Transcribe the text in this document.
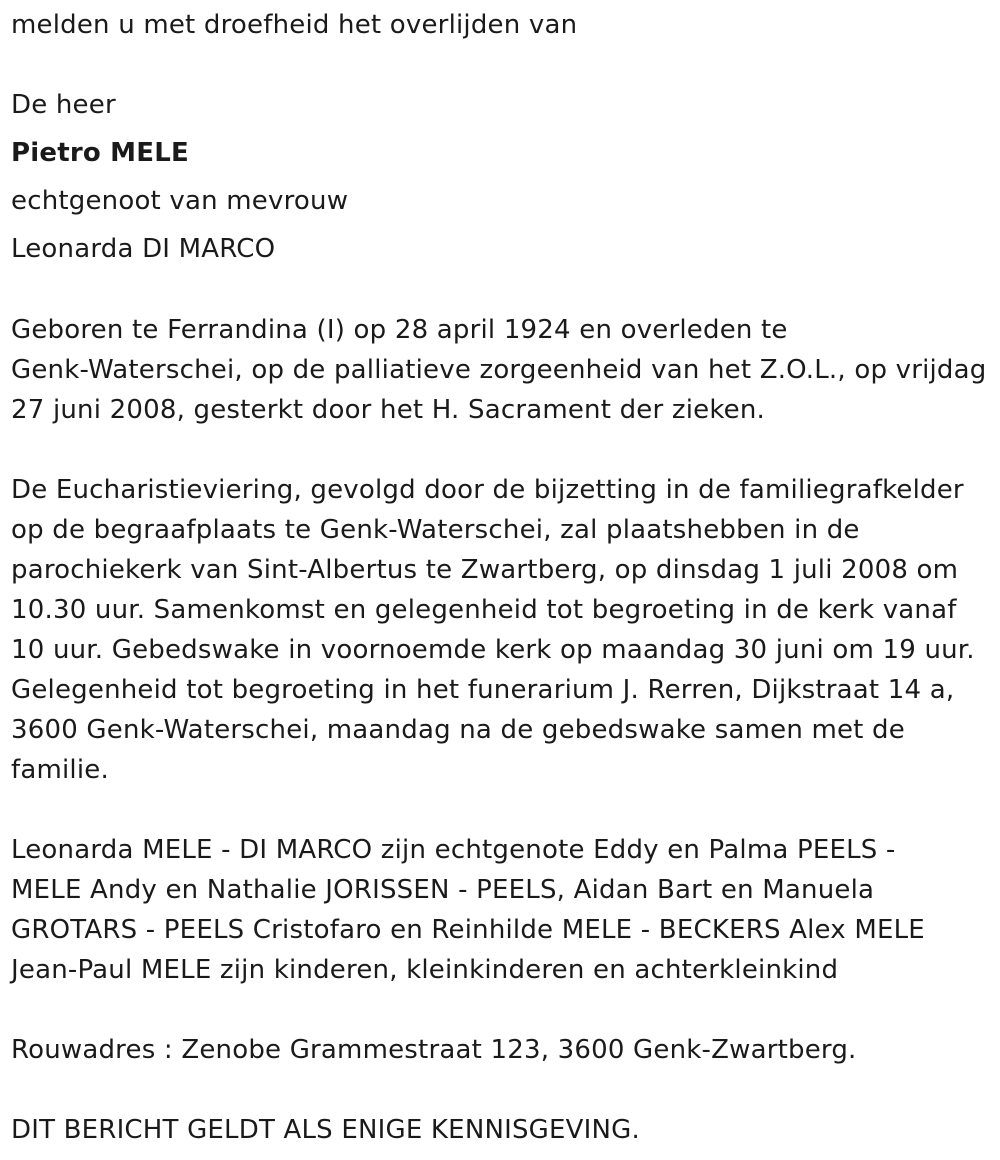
melden u met droefheid het overlijden van
De heer
Pietro MELE
echtgenoot van mevrouw
Leonarda DI MARCO
Geboren te Ferrandina (I) op 28 april 1924 en overleden te
Genk-Waterschei, op de palliatieve zorgeenheid van het Z.O.L., op vrijdag
27 juni 2008, gesterkt door het H. Sacrament der zieken.
De Eucharistieviering, gevolgd door de bijzetting in de familiegrafkelder
op de begraafplaats te Genk-Waterschei, zal plaatshebben in de
parochiekerk van Sint-Albertus te Zwartberg, op dinsdag 1 juli 2008 om
10.30 uur. Samenkomst en gelegenheid tot begroeting in de kerk vanaf
10 uur. Gebedswake in voornoemde kerk op maandag 30 juni om 19 uur.
Gelegenheid tot begroeting in het funerarium J. Rerren, Dijkstraat 14 a,
3600 Genk-Waterschei, maandag na de gebedswake samen met de
familie.
Leonarda MELE - DI MARCO zijn echtgenote Eddy en Palma PEELS -
MELE Andy en Nathalie JORISSEN - PEELS, Aidan Bart en Manuela
GROTARS - PEELS Cristofaro en Reinhilde MELE - BECKERS Alex MELE
Jean-Paul MELE zijn kinderen, kleinkinderen en achterkleinkind
Rouwadres : Zenobe Grammestraat 123, 3600 Genk-Zwartberg.
DIT BERICHT GELDT ALS ENIGE KENNISGEVING.
